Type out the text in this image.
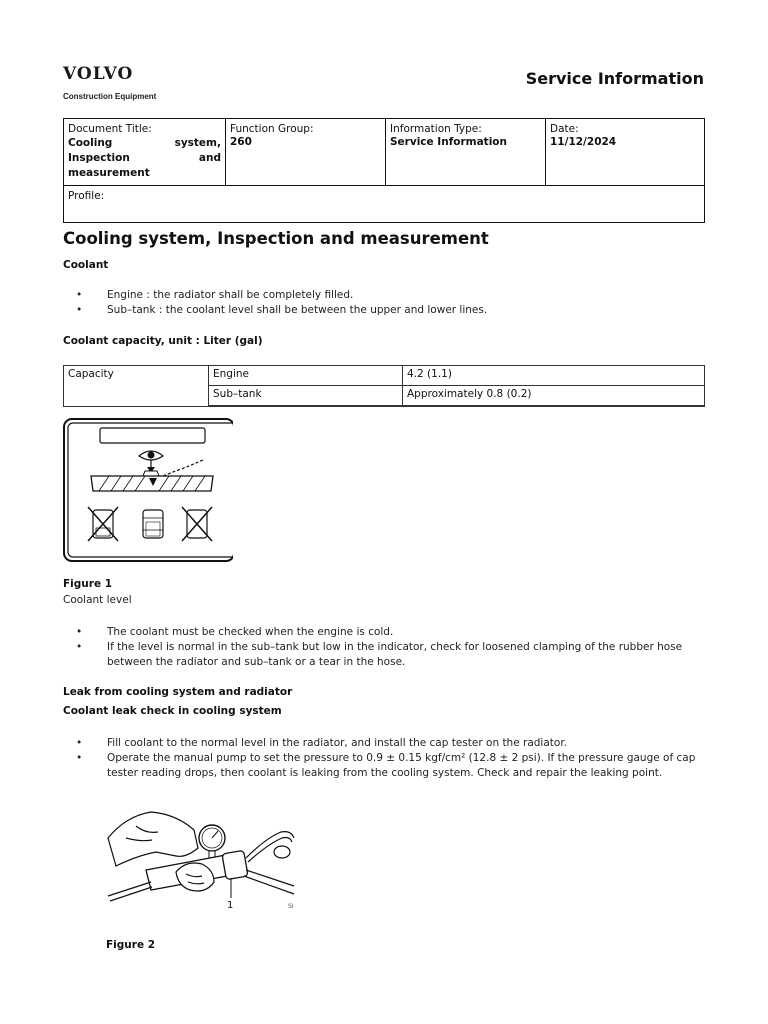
VOLVO
Construction Equipment
Service Information
Document Title:
Cooling system, Inspection and measurement

Function Group:
260

Information Type:
Service Information

Date:
11/12/2024

Profile:
Cooling system, Inspection and measurement
Coolant
• Engine : the radiator shall be completely filled.
• Sub–tank : the coolant level shall be between the upper and lower lines.
Coolant capacity, unit : Liter (gal)
Capacity	Engine	4.2 (1.1)
	Sub–tank	Approximately 0.8 (0.2)
Figure 1
Coolant level
• The coolant must be checked when the engine is cold.
• If the level is normal in the sub–tank but low in the indicator, check for loosened clamping of the rubber hose between the radiator and sub–tank or a tear in the hose.
Leak from cooling system and radiator
Coolant leak check in cooling system
• Fill coolant to the normal level in the radiator, and install the cap tester on the radiator.
• Operate the manual pump to set the pressure to 0.9 ± 0.15 kgf/cm² (12.8 ± 2 psi). If the pressure gauge of cap tester reading drops, then coolant is leaking from the cooling system. Check and repair the leaking point.
1	SI
Figure 2
